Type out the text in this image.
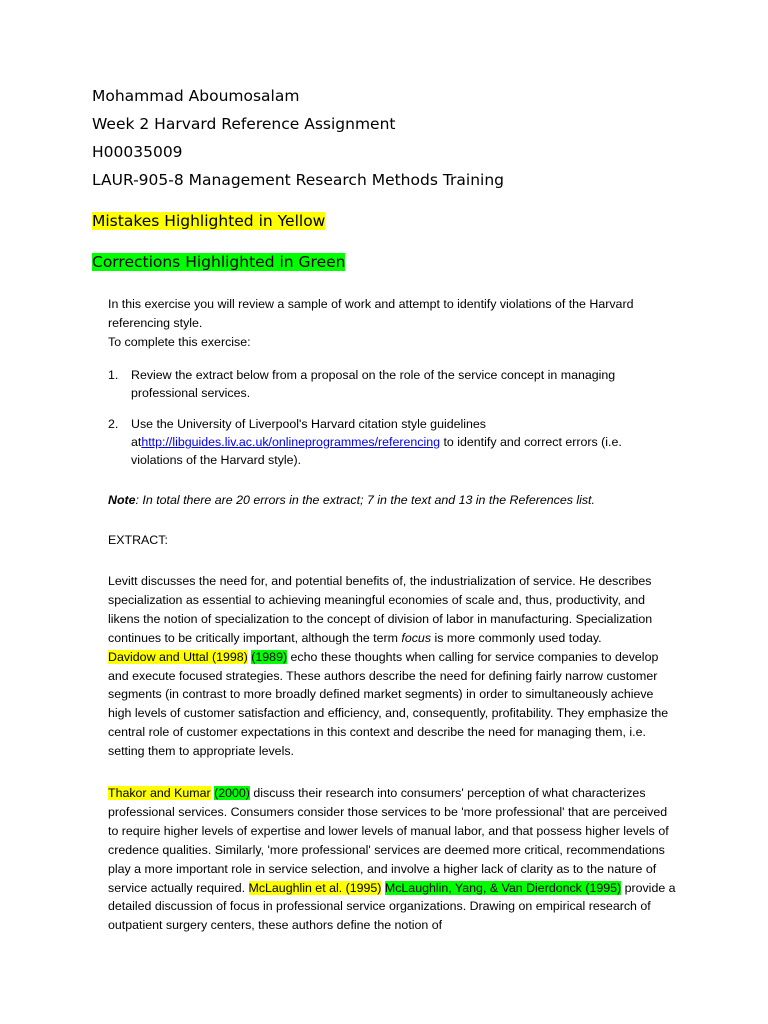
Mohammad Aboumosalam
Week 2 Harvard Reference Assignment
H00035009
LAUR-905-8 Management Research Methods Training
Mistakes Highlighted in Yellow
Corrections Highlighted in Green
In this exercise you will review a sample of work and attempt to identify violations of the Harvard referencing style.
To complete this exercise:
1.	Review the extract below from a proposal on the role of the service concept in managing professional services.
2.	Use the University of Liverpool's Harvard citation style guidelines athttp://libguides.liv.ac.uk/onlineprogrammes/referencing to identify and correct errors (i.e. violations of the Harvard style).
Note: In total there are 20 errors in the extract; 7 in the text and 13 in the References list.
EXTRACT:
Levitt discusses the need for, and potential benefits of, the industrialization of service. He describes specialization as essential to achieving meaningful economies of scale and, thus, productivity, and likens the notion of specialization to the concept of division of labor in manufacturing. Specialization continues to be critically important, although the term focus is more commonly used today.
Davidow and Uttal (1998) (1989) echo these thoughts when calling for service companies to develop and execute focused strategies. These authors describe the need for defining fairly narrow customer segments (in contrast to more broadly defined market segments) in order to simultaneously achieve high levels of customer satisfaction and efficiency, and, consequently, profitability. They emphasize the central role of customer expectations in this context and describe the need for managing them, i.e. setting them to appropriate levels.
Thakor and Kumar (2000) discuss their research into consumers' perception of what characterizes professional services. Consumers consider those services to be 'more professional' that are perceived to require higher levels of expertise and lower levels of manual labor, and that possess higher levels of credence qualities. Similarly, 'more professional' services are deemed more critical, recommendations play a more important role in service selection, and involve a higher lack of clarity as to the nature of service actually required. McLaughlin et al. (1995) McLaughlin, Yang, & Van Dierdonck (1995) provide a detailed discussion of focus in professional service organizations. Drawing on empirical research of outpatient surgery centers, these authors define the notion of
